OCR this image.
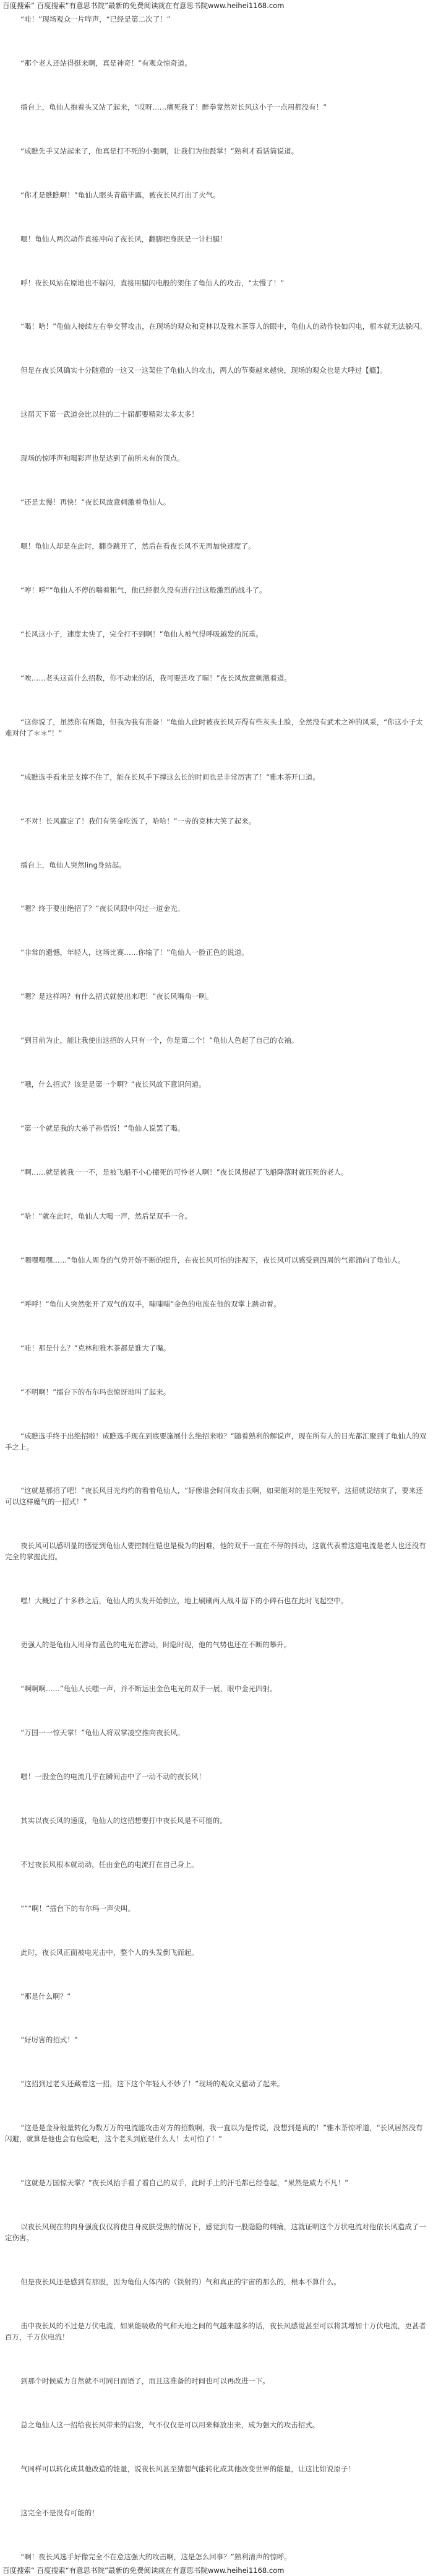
百度搜索“ 百度搜索“有意思书院”最新的免费阅读就在有意思书院www.heihei1168.com

“哇！”现场观众一片哗声，“已经是第二次了！”

“那个老人还站得挺来啊，真是神奇！”有观众惊奇道。

擂台上，龟仙人抱着头又站了起来，“哎呀……痛死我了！醉拳竟然对长风这小子一点用都没有！”

“成瞧先手又站起来了，他真是打不死的小强啊，让我们为他鼓掌！”熟利才看话筒说道。

“你才是瞧瞧啊！”龟仙人眼头青筋毕露，被夜长风打出了火气。

嗯！龟仙人两次动作直接冲向了夜长风，翻脚把身跃是一计扫腿！

呼！夜长风站在原地也不躲闪，直接用腿闪电般的架住了龟仙人的攻击，“太慢了！”

“喝！哈！”龟仙人接续左右拳交替攻击，在现场的观众和克林以及雅木茶等人的眼中，龟仙人的动作快如闪电，根本就无法躲闪。

但是在夜长风确实十分随意的一这又一这架住了龟仙人的攻击，两人的节奏越来越快，现场的观众也是大呼过【瘾】。

这届天下第一武道会比以往的二十届都要精彩太多太多！

现场的惊呼声和喝彩声也是达到了前所未有的顶点。

“还是太慢！再快！”夜长风故意刺激着龟仙人。

嗯！龟仙人却是在此时，翻身跳开了，然后在看夜长风不无再加快速度了。

“哼！呼”“龟仙人不停的喘着粗气，他已经很久没有进行过这般激烈的战斗了。

“长风这小子，速度太快了，完全打不到啊！”龟仙人被气得呼吸越发的沉重。

“唉……老头这首什么招数，你不动来的话，我可要进攻了喔！”夜长风故意刺激着道。

“这你说了，虽然你有所隐，但我为我有准备！”龟仙人此时被夜长风弄得有些灰头土脸，全然没有武术之神的风采，“你这小子太难对付了＊＊”！”

“成瞧选手看来是支撑不住了，能在长风手下撑这么长的时间也是非常厉害了！”雅木茶开口道。

“不对！长风赢定了！我们有笑金吃饭了，哈哈！”一旁的克林大笑了起来。

擂台上，龟仙人突然ling身站起。

“嗯？终于要出绝招了？”夜长风眼中闪过一道金光。

“非常的遗憾，年轻人，这场比赛……你输了！”龟仙人一脸正色的说道。

“嗯？是这样吗？有什么招式就使出来吧！”夜长风嘴角一咧。

“到目前为止，能让我使出这招的人只有一个，你是第二个！”龟仙人色起了自己的衣袖。

“哦，什么招式？该是是第一个啊？”夜长风故下意识问道。

“第一个就是我的大弟子孙悟饭！”龟仙人说罢了喝。

“啊……就是被我一一不，是被飞船不小心撞死的可怜老人啊！”夜长风想起了飞船降落时就压死的老人。

“哈！”就在此时，龟仙人大喝一声，然后是双手一合。

“嗯嘿嘿嘿……”龟仙人周身的气势开始不断的提升，在夜长风可怕的注视下，夜长风可以感受到四周的气都涌向了龟仙人。

“呼呼！”龟仙人突然张开了双气的双手，嗤嗤嗤”金色的电流在他的双掌上跳动着。

“哇！那是什么？”克林和雅木茶都是谁大了嘴。

“不明啊！”擂台下的布尔玛也惊讶地叫了起来。

“成瞧选手终于出绝招啦！成瞧选手现在到底要施展什么绝招来啦？”随着熟利的解说声，现在所有人的目光都汇聚到了龟仙人的双手之上。

“这就是那招了吧！”夜长风目光灼灼的看着龟仙人，“好像谁会时间攻击长啊，如果能对的是生死较平，这招就说结束了，要来还可以这样魔气的一招式！”

夜长风可以感明显的感觉到龟仙人要控制住铠也是极为的困难，他的双手一直在不停的抖动，这就代表着这道电流是老人也还没有完全的掌握此招。

嘿！大概过了十多秒之后，龟仙人的头发开始倒立，地上刷刷两人战斗留下的小碎石也在此时飞起空中。

更强人的是龟仙人周身有蓝色的电光在游动，时隐时现，他的气势也还在不断的攀升。

“啊啊啊……”龟仙人长嗤一声，并不断运出金色电光的双手一展，眼中金光四射。

“万国一一惊天掌！”龟仙人将双掌凌空推向夜长风。

嗤！一股金色的电流几乎在瞬间击中了一动不动的夜长风！

其实以夜长风的速度，龟仙人的这招想要打中夜长风是不可能的。

不过夜长风根本就动动，任由金色的电流打在自己身上。

“”“啊！”擂台下的布尔玛一声尖叫。

此时，夜长风正面被电光击中，整个人的头发倒飞而起。

“那是什么啊？”

“好厉害的招式！”

“这招到过老头还藏着这一招，这下这个年轻人不妙了！”现场的观众又骚动了起来。

“这是是金身般量转化为数万万的电流能攻击对方的招数啊，我一直以为是传说，没想到是真的！”雅木茶惊呼道，“长风居然没有闪避，就算是他也会有危险吧，这个老头到底是什么人！太可怕了！”

“这就是万国惊天掌？”夜长风抬手看了看自己的双手，此时手上的汗毛都已经卷起，“果然是威力不凡！”

以夜长风现在的肉身强度仅仅将使自身皮肤受焦的情况下，感觉到有一股隐隐的刺痛，这就证明这个万状电流对他依长风造成了一定伤害。

但是夜长风还是感到有那股，因为龟仙人体内的（铁射的）气和真正的宇宙的那么的，根本不算什么。

击中夜长风的不过是万伏电流，如果能吸收的气和天地之间的气越来越多的话，夜长风感觉甚至可以将其增加十万伏电流，更甚者百万，千万伏电流！

到那个时候威力自然就不可同日而语了，而且这准备的时间也可以再改进一下。

总之龟仙人这一招给夜长风带来的启发，气不仅仅是可以用来释放出来，成为强大的攻击招式。

气同样可以转化成其他改造的能量，说夜长风甚至猜想气能转化成其他改变世界的能量，让这比如说原子！

这完全不是没有可能的！

“啊！夜长风选手好像完全不在意这强大的攻击啊，这是怎么回事？”熟利清声的惊呼。

百度搜索“ 百度搜索“有意思书院”最新的免费阅读就在有意思书院www.heihei1168.com
